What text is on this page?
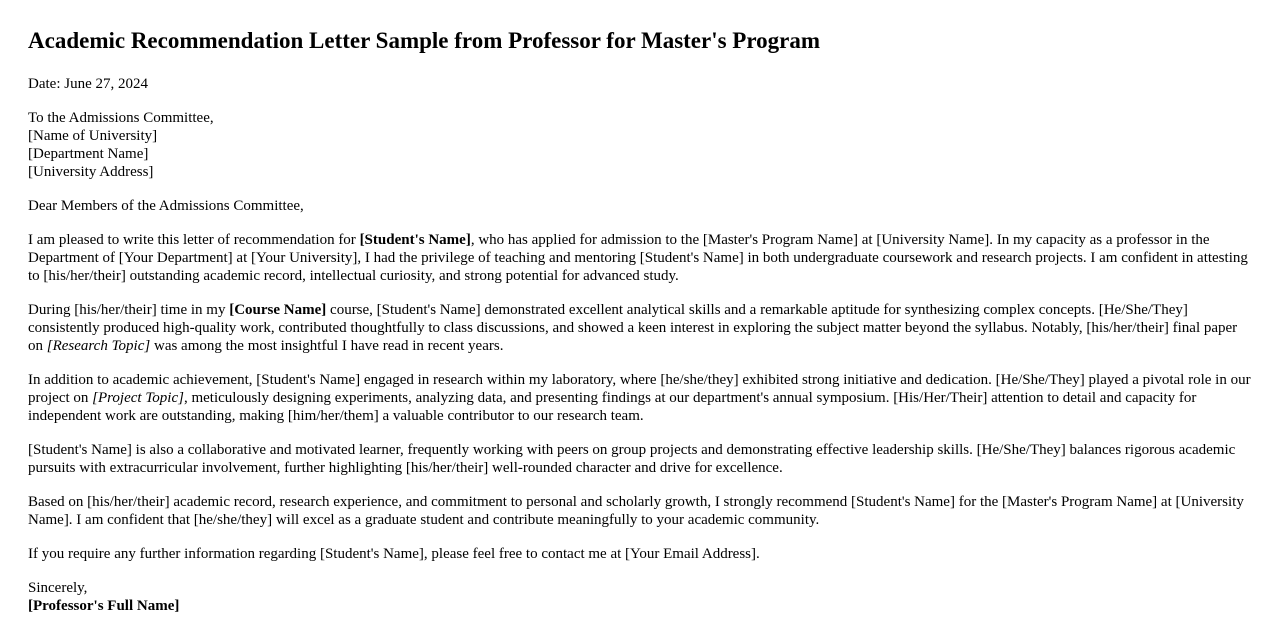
Academic Recommendation Letter Sample from Professor for Master's Program

Date: June 27, 2024

To the Admissions Committee,
[Name of University]
[Department Name]
[University Address]

Dear Members of the Admissions Committee,

I am pleased to write this letter of recommendation for [Student's Name], who has applied for admission to the [Master's Program Name] at [University Name]. In my capacity as a professor in the Department of [Your Department] at [Your University], I had the privilege of teaching and mentoring [Student's Name] in both undergraduate coursework and research projects. I am confident in attesting to [his/her/their] outstanding academic record, intellectual curiosity, and strong potential for advanced study.

During [his/her/their] time in my [Course Name] course, [Student's Name] demonstrated excellent analytical skills and a remarkable aptitude for synthesizing complex concepts. [He/She/They] consistently produced high-quality work, contributed thoughtfully to class discussions, and showed a keen interest in exploring the subject matter beyond the syllabus. Notably, [his/her/their] final paper on [Research Topic] was among the most insightful I have read in recent years.

In addition to academic achievement, [Student's Name] engaged in research within my laboratory, where [he/she/they] exhibited strong initiative and dedication. [He/She/They] played a pivotal role in our project on [Project Topic], meticulously designing experiments, analyzing data, and presenting findings at our department's annual symposium. [His/Her/Their] attention to detail and capacity for independent work are outstanding, making [him/her/them] a valuable contributor to our research team.

[Student's Name] is also a collaborative and motivated learner, frequently working with peers on group projects and demonstrating effective leadership skills. [He/She/They] balances rigorous academic pursuits with extracurricular involvement, further highlighting [his/her/their] well-rounded character and drive for excellence.

Based on [his/her/their] academic record, research experience, and commitment to personal and scholarly growth, I strongly recommend [Student's Name] for the [Master's Program Name] at [University Name]. I am confident that [he/she/they] will excel as a graduate student and contribute meaningfully to your academic community.

If you require any further information regarding [Student's Name], please feel free to contact me at [Your Email Address].

Sincerely,
[Professor's Full Name]
